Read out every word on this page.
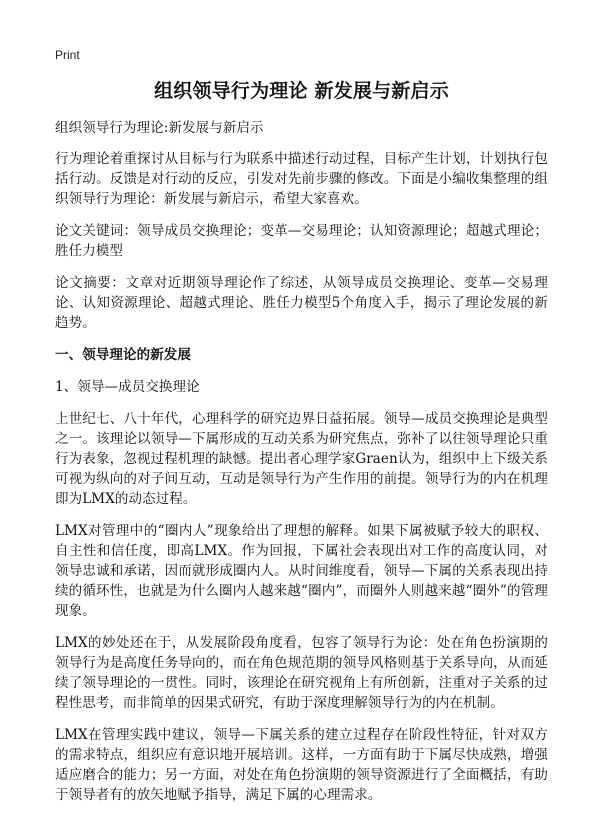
Print
组织领导行为理论 新发展与新启示

组织领导行为理论:新发展与新启示

行为理论着重探讨从目标与行为联系中描述行动过程，目标产生计划，计划执行包括行动。反馈是对行动的反应，引发对先前步骤的修改。下面是小编收集整理的组织领导行为理论：新发展与新启示，希望大家喜欢。

论文关键词：领导成员交换理论；变革—交易理论；认知资源理论；超越式理论；胜任力模型

论文摘要：文章对近期领导理论作了综述，从领导成员交换理论、变革—交易理论、认知资源理论、超越式理论、胜任力模型5个角度入手，揭示了理论发展的新趋势。

一、领导理论的新发展

1、领导—成员交换理论

上世纪七、八十年代，心理科学的研究边界日益拓展。领导—成员交换理论是典型之一。该理论以领导—下属形成的互动关系为研究焦点，弥补了以往领导理论只重行为表象，忽视过程机理的缺憾。提出者心理学家Graen认为，组织中上下级关系可视为纵向的对子间互动，互动是领导行为产生作用的前提。领导行为的内在机理即为LMX的动态过程。

LMX对管理中的“圈内人”现象给出了理想的解释。如果下属被赋予较大的职权、自主性和信任度，即高LMX。作为回报，下属社会表现出对工作的高度认同，对领导忠诚和承诺，因而就形成圈内人。从时间维度看，领导—下属的关系表现出持续的循环性，也就是为什么圈内人越来越“圈内”，而圈外人则越来越“圈外”的管理现象。

LMX的妙处还在于，从发展阶段角度看，包容了领导行为论：处在角色扮演期的领导行为是高度任务导向的，而在角色规范期的领导风格则基于关系导向，从而延续了领导理论的一贯性。同时，该理论在研究视角上有所创新，注重对子关系的过程性思考，而非简单的因果式研究，有助于深度理解领导行为的内在机制。

LMX在管理实践中建议，领导—下属关系的建立过程存在阶段性特征，针对双方的需求特点，组织应有意识地开展培训。这样，一方面有助于下属尽快成熟，增强适应磨合的能力；另一方面，对处在角色扮演期的领导资源进行了全面概括，有助于领导者有的放矢地赋予指导，满足下属的心理需求。
